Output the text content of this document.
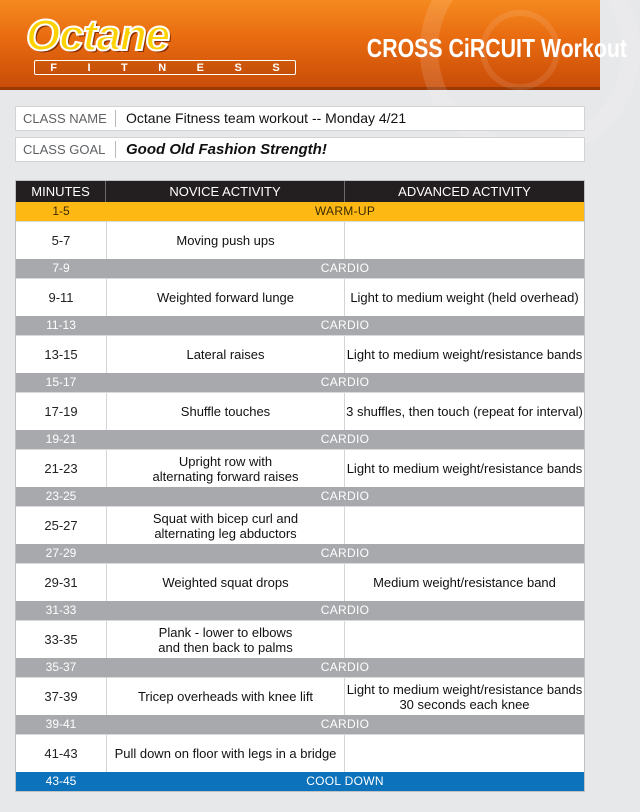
Octane
F	I	T	N	E	S	S
CROSS CiRCUIT Workout
CLASS NAME	Octane Fitness team workout -- Monday 4/21
CLASS GOAL	Good Old Fashion Strength!
MINUTES	NOVICE ACTIVITY	ADVANCED ACTIVITY
1-5	WARM-UP
5-7	Moving push ups
7-9	CARDIO
9-11	Weighted forward lunge	Light to medium weight (held overhead)
11-13	CARDIO
13-15	Lateral raises	Light to medium weight/resistance bands
15-17	CARDIO
17-19	Shuffle touches	3 shuffles, then touch (repeat for interval)
19-21	CARDIO
21-23	Upright row with
alternating forward raises	Light to medium weight/resistance bands
23-25	CARDIO
25-27	Squat with bicep curl and
alternating leg abductors
27-29	CARDIO
29-31	Weighted squat drops	Medium weight/resistance band
31-33	CARDIO
33-35	Plank - lower to elbows
and then back to palms
35-37	CARDIO
37-39	Tricep overheads with knee lift	Light to medium weight/resistance bands
30 seconds each knee
39-41	CARDIO
41-43	Pull down on floor with legs in a bridge
43-45	COOL DOWN
